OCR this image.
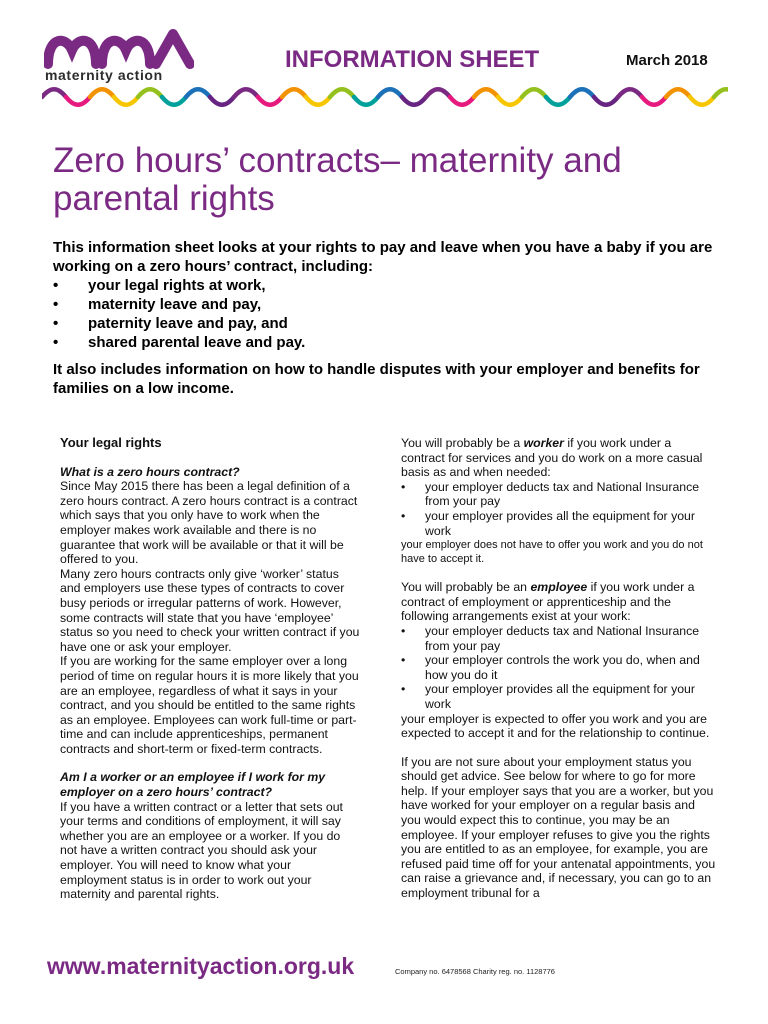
maternity action
INFORMATION SHEET	March 2018
Zero hours’ contracts– maternity and parental rights

This information sheet looks at your rights to pay and leave when you have a baby if you are working on a zero hours’ contract, including:

• your legal rights at work,
• maternity leave and pay,
• paternity leave and pay, and
• shared parental leave and pay.

It also includes information on how to handle disputes with your employer and benefits for families on a low income.

Your legal rights

What is a zero hours contract?

Since May 2015 there has been a legal definition of a zero hours contract. A zero hours contract is a contract which says that you only have to work when the employer makes work available and there is no guarantee that work will be available or that it will be offered to you.

Many zero hours contracts only give ‘worker’ status and employers use these types of contracts to cover busy periods or irregular patterns of work. However, some contracts will state that you have ‘employee’ status so you need to check your written contract if you have one or ask your employer.

If you are working for the same employer over a long period of time on regular hours it is more likely that you are an employee, regardless of what it says in your contract, and you should be entitled to the same rights as an employee. Employees can work full-time or part-time and can include apprenticeships, permanent contracts and short-term or fixed-term contracts.

Am I a worker or an employee if I work for my employer on a zero hours’ contract?

If you have a written contract or a letter that sets out your terms and conditions of employment, it will say whether you are an employee or a worker. If you do not have a written contract you should ask your employer. You will need to know what your employment status is in order to work out your maternity and parental rights.

You will probably be a worker if you work under a contract for services and you do work on a more casual basis as and when needed:

• your employer deducts tax and National Insurance from your pay

• your employer provides all the equipment for your work

your employer does not have to offer you work and you do not have to accept it.

You will probably be an employee if you work under a contract of employment or apprenticeship and the following arrangements exist at your work:

• your employer deducts tax and National Insurance from your pay

• your employer controls the work you do, when and how you do it

• your employer provides all the equipment for your work

your employer is expected to offer you work and you are expected to accept it and for the relationship to continue.

If you are not sure about your employment status you should get advice. See below for where to go for more help. If your employer says that you are a worker, but you have worked for your employer on a regular basis and you would expect this to continue, you may be an employee. If your employer refuses to give you the rights you are entitled to as an employee, for example, you are refused paid time off for your antenatal appointments, you can raise a grievance and, if necessary, you can go to an employment tribunal for a

www.maternityaction.org.uk	Company no. 6478568 Charity reg. no. 1128776
